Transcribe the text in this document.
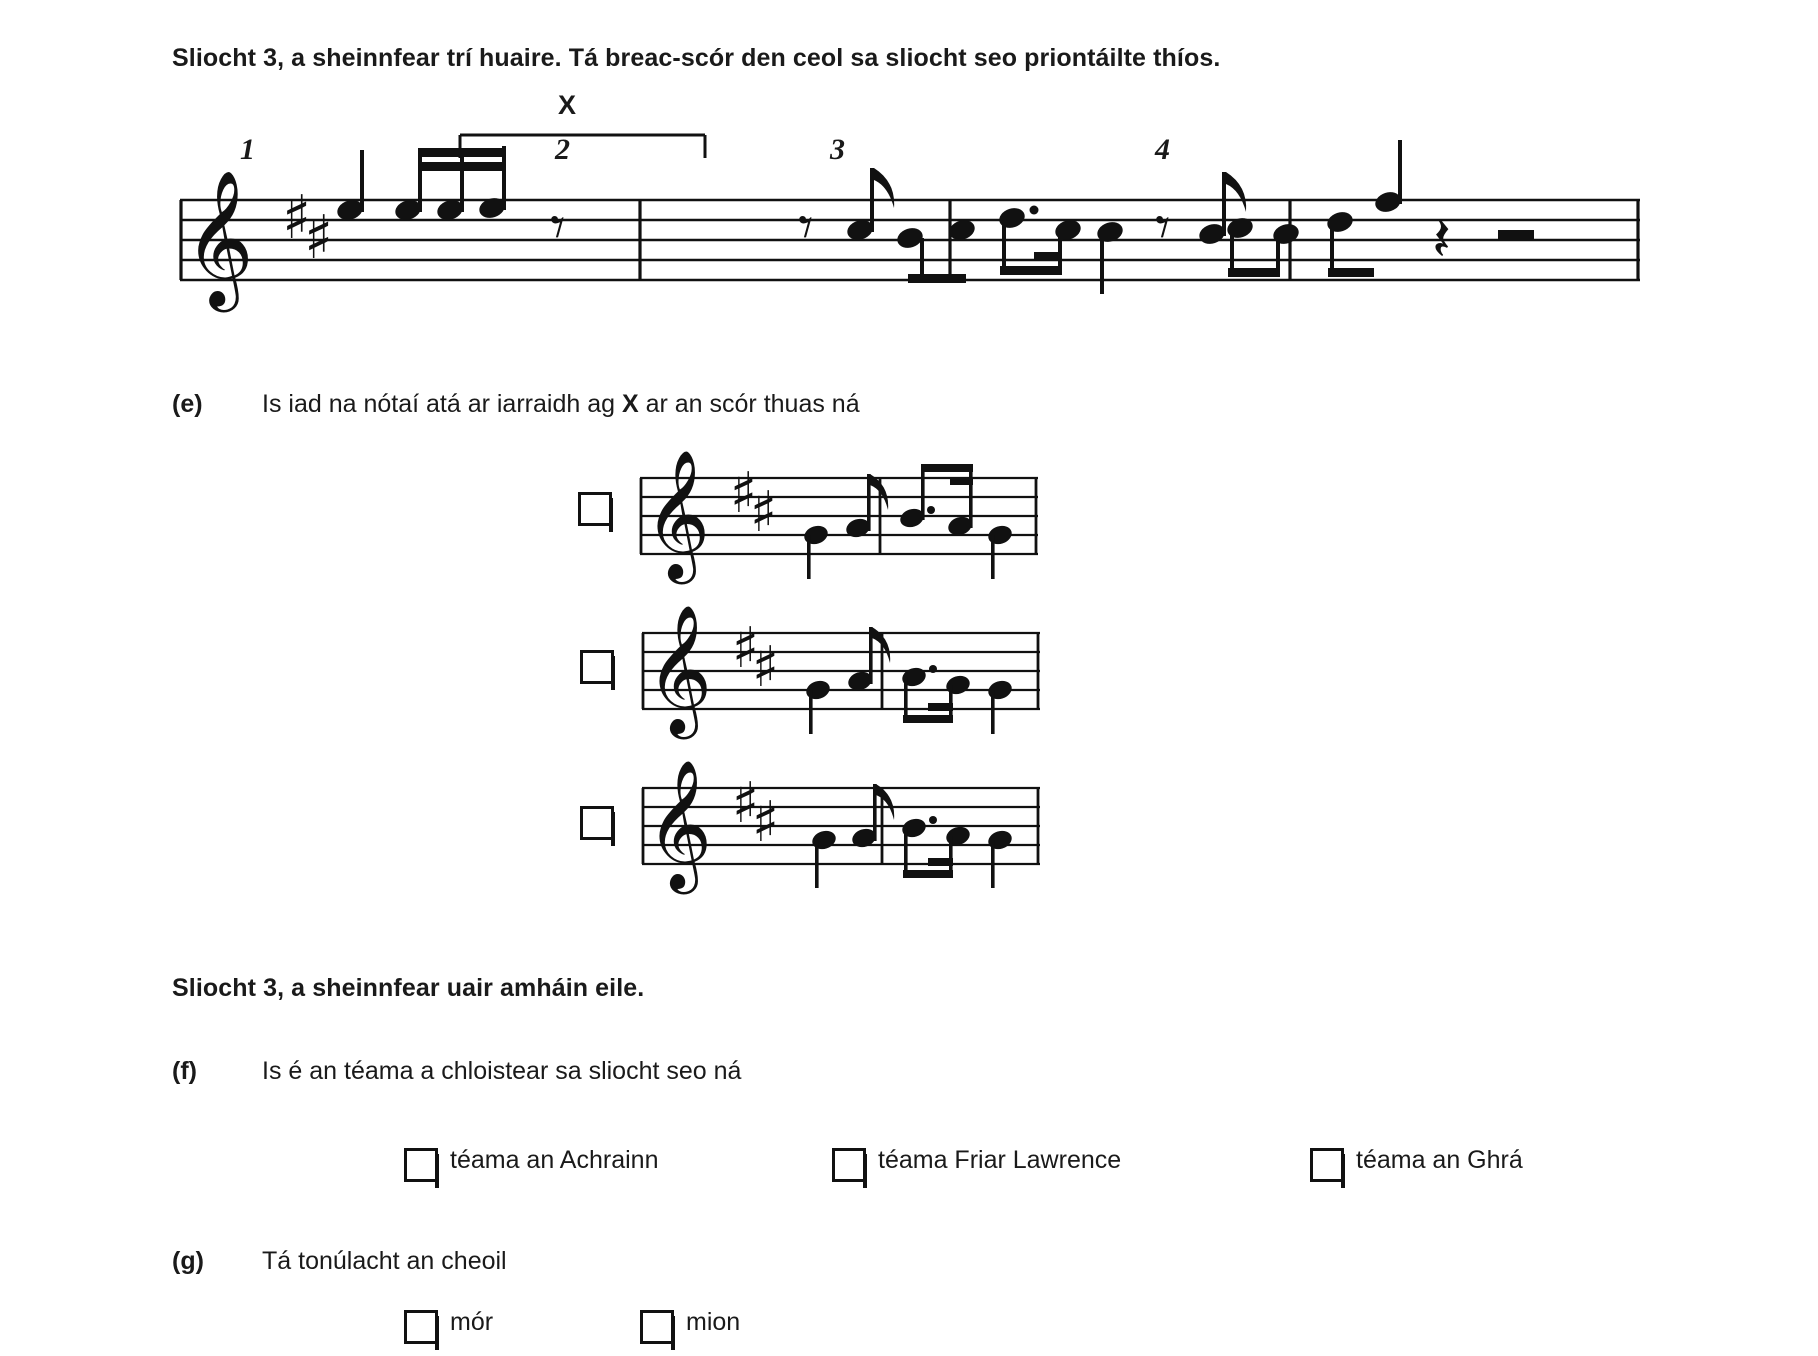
Sliocht 3, a sheinnfear trí huaire. Tá breac-scór den ceol sa sliocht seo priontáilte thíos.
𝄞 ♯
♯	𝄾	𝄾	𝄾	𝄽
1	2	3	4
X
(e) Is iad na nótaí atá ar iarraidh ag X ar an scór thuas ná
𝄞 ♯
♯
𝄞 ♯
♯
𝄞 ♯
♯
Sliocht 3, a sheinnfear uair amháin eile.
(f)	Is é an téama a chloistear sa sliocht seo ná
téama an Achrainn	téama Friar Lawrence	téama an Ghrá
(g) Tá tonúlacht an cheoil
mór	mion
